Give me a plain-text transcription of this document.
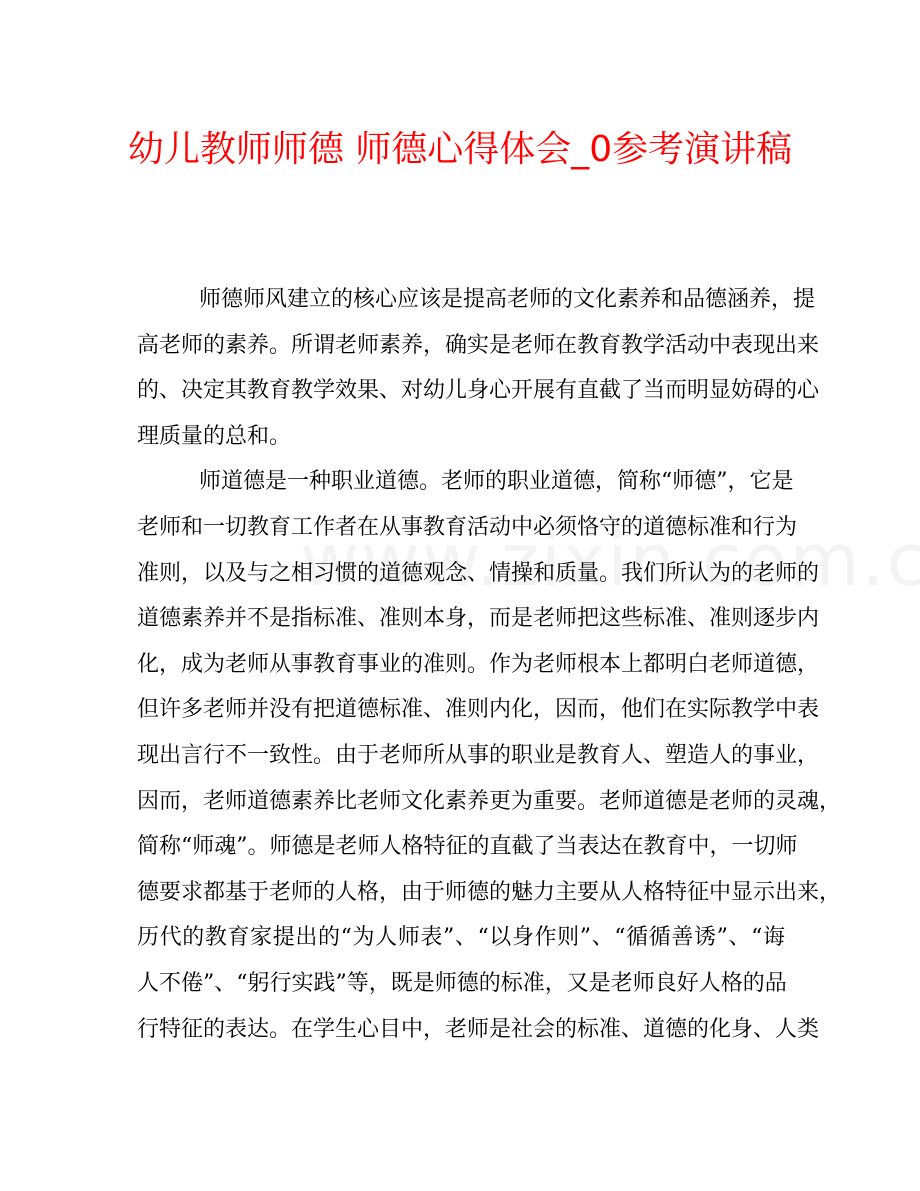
幼儿教师师德 师德心得体会_0参考演讲稿
师德师风建立的核心应该是提高老师的文化素养和品德涵养，提
高老师的素养。所谓老师素养，确实是老师在教育教学活动中表现出来
的、决定其教育教学效果、对幼儿身心开展有直截了当而明显妨碍的心
理质量的总和。
师道德是一种职业道德。老师的职业道德，简称“师德”，它是
老师和一切教育工作者在从事教育活动中必须恪守的道德标准和行为
准则，以及与之相习惯的道德观念、情操和质量。我们所认为的老师的
道德素养并不是指标准、准则本身，而是老师把这些标准、准则逐步内
化，成为老师从事教育事业的准则。作为老师根本上都明白老师道德，
但许多老师并没有把道德标准、准则内化，因而，他们在实际教学中表
现出言行不一致性。由于老师所从事的职业是教育人、塑造人的事业，
因而，老师道德素养比老师文化素养更为重要。老师道德是老师的灵魂，
简称“师魂”。师德是老师人格特征的直截了当表达在教育中，一切师
德要求都基于老师的人格，由于师德的魅力主要从人格特征中显示出来，
历代的教育家提出的“为人师表”、“以身作则”、“循循善诱”、“诲
人不倦”、“躬行实践”等，既是师德的标准，又是老师良好人格的品
行特征的表达。在学生心目中，老师是社会的标准、道德的化身、人类
